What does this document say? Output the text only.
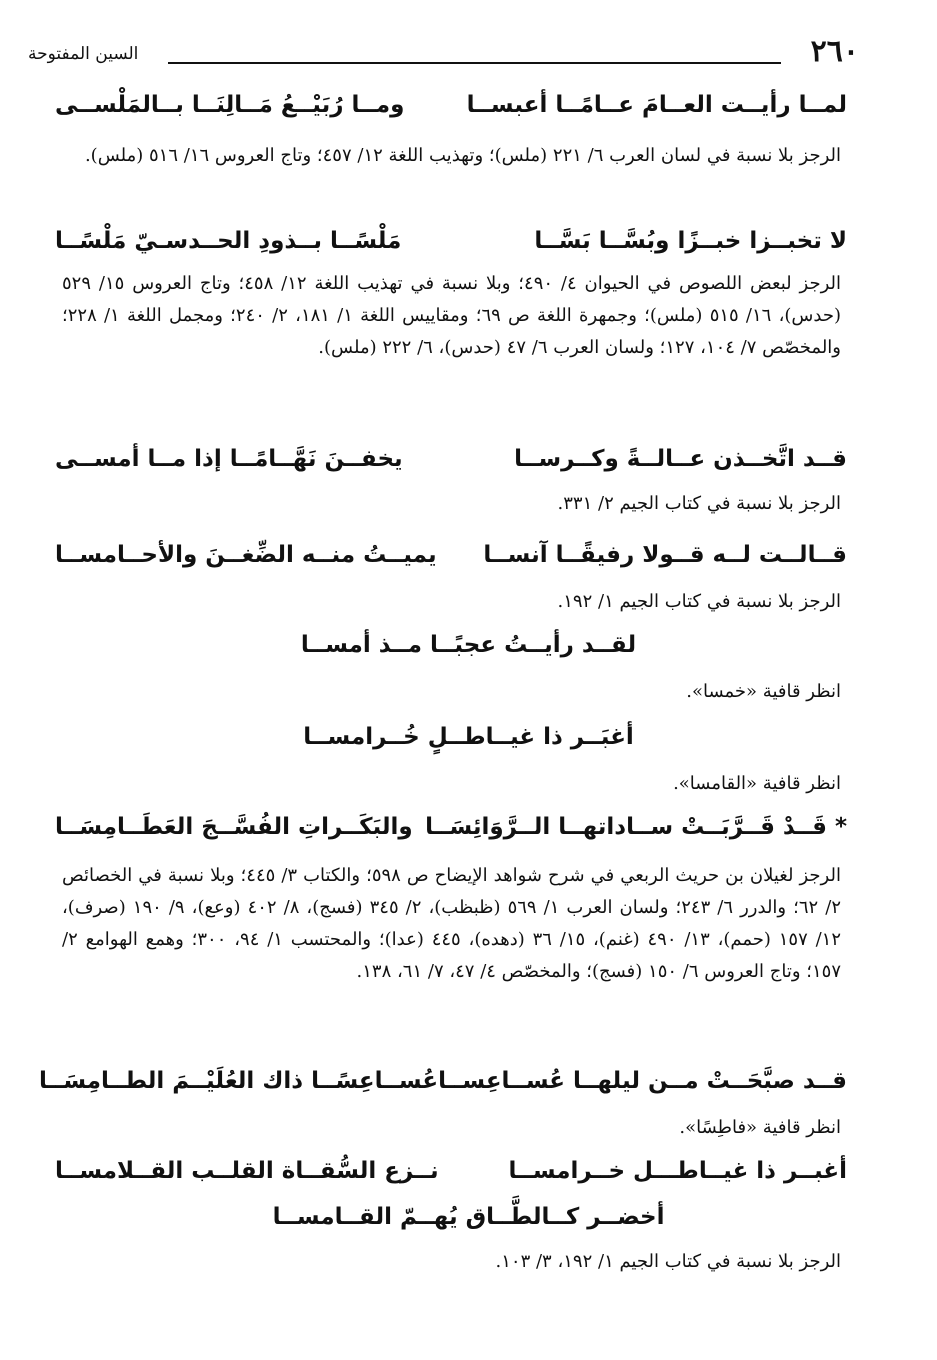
٢٦٠
السين المفتوحة
لمــا رأيــت العــامَ عــامًــا أعبســا
ومــا رُبَيْــعُ مَــالِنَــا بــالمَلْســى
الرجز بلا نسبة في لسان العرب ٦/ ٢٢١ (ملس)؛ وتهذيب اللغة ١٢/ ٤٥٧؛ وتاج العروس ١٦/ ٥١٦ (ملس).
لا تخبــزا خبــزًا وبُسَّــا بَسَّــا
مَلْسًــا بــذودِ الحــدسـيّ مَلْسًــا
الرجز لبعض اللصوص في الحيوان ٤/ ٤٩٠؛ وبلا نسبة في تهذيب اللغة ١٢/ ٤٥٨؛ وتاج العروس ١٥/ ٥٢٩ (حدس)، ١٦/ ٥١٥ (ملس)؛ وجمهرة اللغة ص ٦٩؛ ومقاييس اللغة ١/ ١٨١، ٢/ ٢٤٠؛ ومجمل اللغة ١/ ٢٢٨؛ والمخصّص ٧/ ١٠٤، ١٢٧؛ ولسان العرب ٦/ ٤٧ (حدس)، ٦/ ٢٢٢ (ملس).
قــد اتَّخــذن عــالــةً وكــرســا
يخفــنَ نَهَّــامًــا إذا مــا أمســى
الرجز بلا نسبة في كتاب الجيم ٢/ ٣٣١.
قــالــت لــه قــولا رفيقًــا آنســا
يميــتُ منــه الضِّغــنَ والأحــامســا
الرجز بلا نسبة في كتاب الجيم ١/ ١٩٢.
لقــد رأيــتُ عجبًــا مــذ أمســا
انظر قافية «خمسا».
أغبَــر ذا غيــاطــلٍ خُــرامســا
انظر قافية «القامسا».
* قَــدْ قَــرَّبَــتْ ســاداتهــا الــرَّوَائِسَــا
والبَكَــراتِ الفُسَّــجَ العَطَــامِسَــا
الرجز لغيلان بن حريث الربعي في شرح شواهد الإيضاح ص ٥٩٨؛ والكتاب ٣/ ٤٤٥؛ وبلا نسبة في الخصائص ٢/ ٦٢؛ والدرر ٦/ ٢٤٣؛ ولسان العرب ١/ ٥٦٩ (ظبظب)، ٢/ ٣٤٥ (فسج)، ٨/ ٤٠٢ (وعع)، ٩/ ١٩٠ (صرف)، ١٢/ ١٥٧ (حمم)، ١٣/ ٤٩٠ (غنم)، ١٥/ ٣٦ (دهده)، ٤٤٥ (عدا)؛ والمحتسب ١/ ٩٤، ٣٠٠؛ وهمع الهوامع ٢/ ١٥٧؛ وتاج العروس ٦/ ١٥٠ (فسج)؛ والمخصّص ٤/ ٤٧، ٧/ ٦١، ١٣٨.
قــد صبَّحَــتْ مــن ليلهــا عُســاعِســا
عُســاعِسًــا ذاك العُلَيْــمَ الطــامِسَــا
انظر قافية «فاطِسًا».
أغبــر ذا غيــاطـــل خــرامســا
نــزع السُّقــاة القلــب القــلامســا
أخضــر كــالطَّــاق يُهــمّ القــامســا
الرجز بلا نسبة في كتاب الجيم ١/ ١٩٢، ٣/ ١٠٣.
